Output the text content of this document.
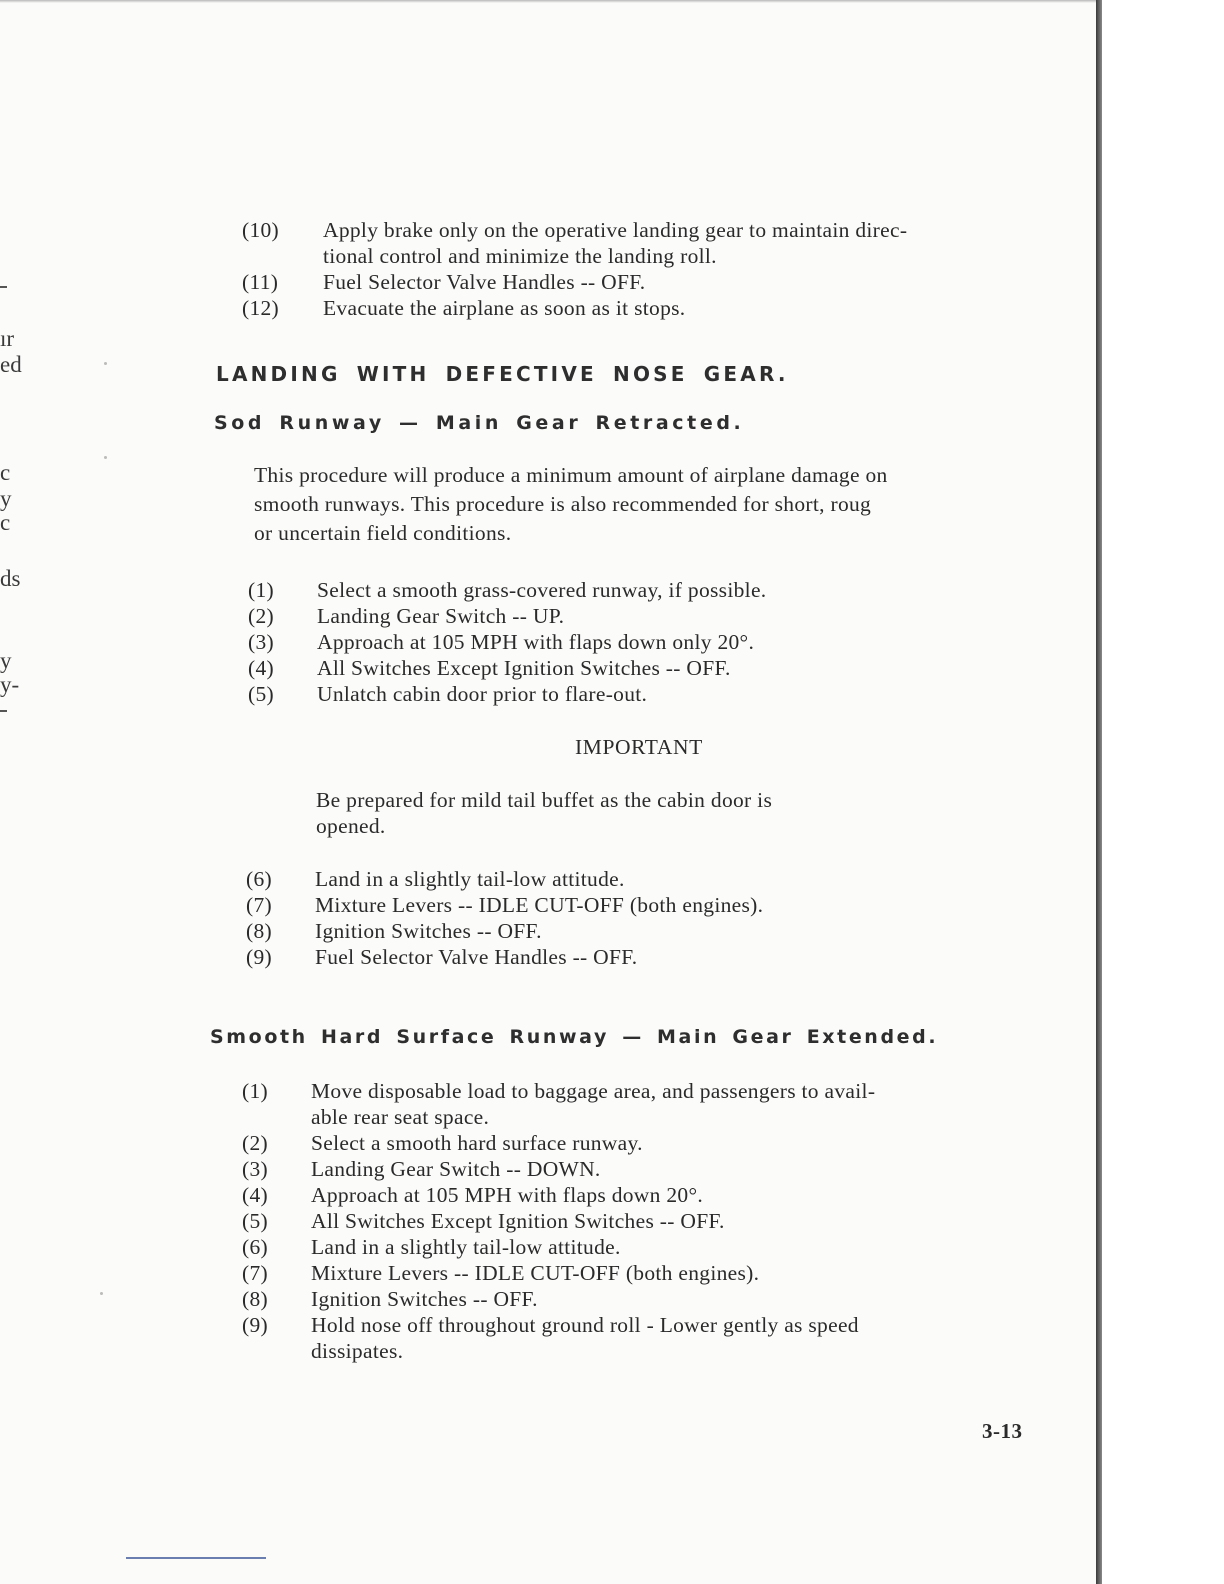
ır
ed
c
y
c
ds
y
y-
(10) Apply brake only on the operative landing gear to maintain direc-
tional control and minimize the landing roll.
(11) Fuel Selector Valve Handles -- OFF.
(12) Evacuate the airplane as soon as it stops.
LANDING WITH DEFECTIVE NOSE GEAR.
Sod Runway — Main Gear Retracted.

This procedure will produce a minimum amount of airplane damage on
smooth runways. This procedure is also recommended for short, roug
or uncertain field conditions.

(1) Select a smooth grass-covered runway, if possible.
(2) Landing Gear Switch -- UP.
(3) Approach at 105 MPH with flaps down only 20°.
(4) All Switches Except Ignition Switches -- OFF.
(5) Unlatch cabin door prior to flare-out.
IMPORTANT

Be prepared for mild tail buffet as the cabin door is
opened.

(6) Land in a slightly tail-low attitude.
(7) Mixture Levers -- IDLE CUT-OFF (both engines).
(8) Ignition Switches -- OFF.
(9) Fuel Selector Valve Handles -- OFF.
Smooth Hard Surface Runway — Main Gear Extended.
(1) Move disposable load to baggage area, and passengers to avail-
able rear seat space.
(2) Select a smooth hard surface runway.
(3) Landing Gear Switch -- DOWN.
(4) Approach at 105 MPH with flaps down 20°.
(5) All Switches Except Ignition Switches -- OFF.
(6) Land in a slightly tail-low attitude.
(7) Mixture Levers -- IDLE CUT-OFF (both engines).
(8) Ignition Switches -- OFF.
(9) Hold nose off throughout ground roll - Lower gently as speed
dissipates.
3-13
